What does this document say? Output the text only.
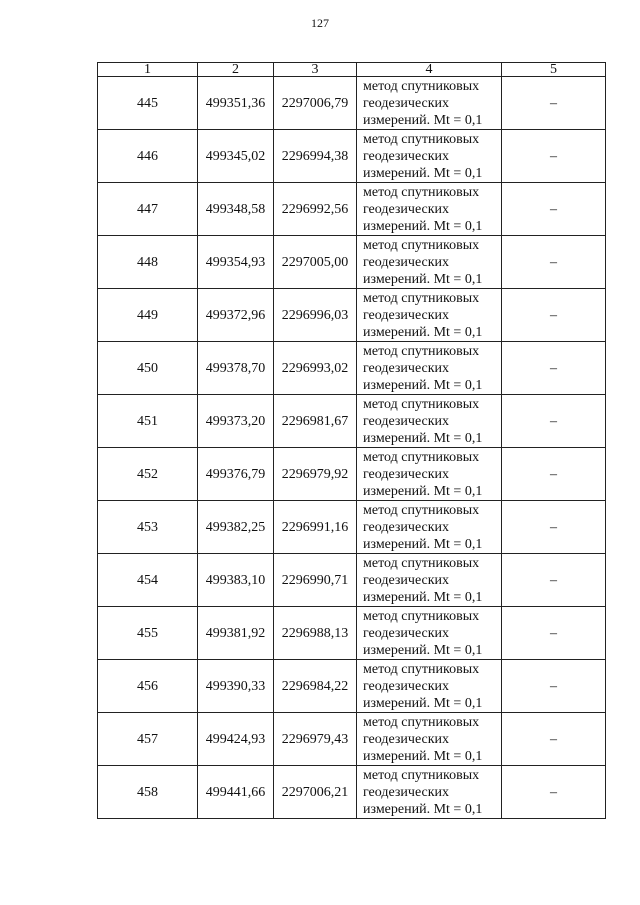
127
1	2	3	4	5
445	499351,36	2297006,79	метод спутниковых
геодезических
измерений. Mt = 0,1	–
446	499345,02	2296994,38	метод спутниковых
геодезических
измерений. Mt = 0,1	–
447	499348,58	2296992,56	метод спутниковых
геодезических
измерений. Mt = 0,1	–
448	499354,93	2297005,00	метод спутниковых
геодезических
измерений. Mt = 0,1	–
449	499372,96	2296996,03	метод спутниковых
геодезических
измерений. Mt = 0,1	–
450	499378,70	2296993,02	метод спутниковых
геодезических
измерений. Mt = 0,1	–
451	499373,20	2296981,67	метод спутниковых
геодезических
измерений. Mt = 0,1	–
452	499376,79	2296979,92	метод спутниковых
геодезических
измерений. Mt = 0,1	–
453	499382,25	2296991,16	метод спутниковых
геодезических
измерений. Mt = 0,1	–
454	499383,10	2296990,71	метод спутниковых
геодезических
измерений. Mt = 0,1	–
455	499381,92	2296988,13	метод спутниковых
геодезических
измерений. Mt = 0,1	–
456	499390,33	2296984,22	метод спутниковых
геодезических
измерений. Mt = 0,1	–
457	499424,93	2296979,43	метод спутниковых
геодезических
измерений. Mt = 0,1	–
458	499441,66	2297006,21	метод спутниковых
геодезических
измерений. Mt = 0,1	–
